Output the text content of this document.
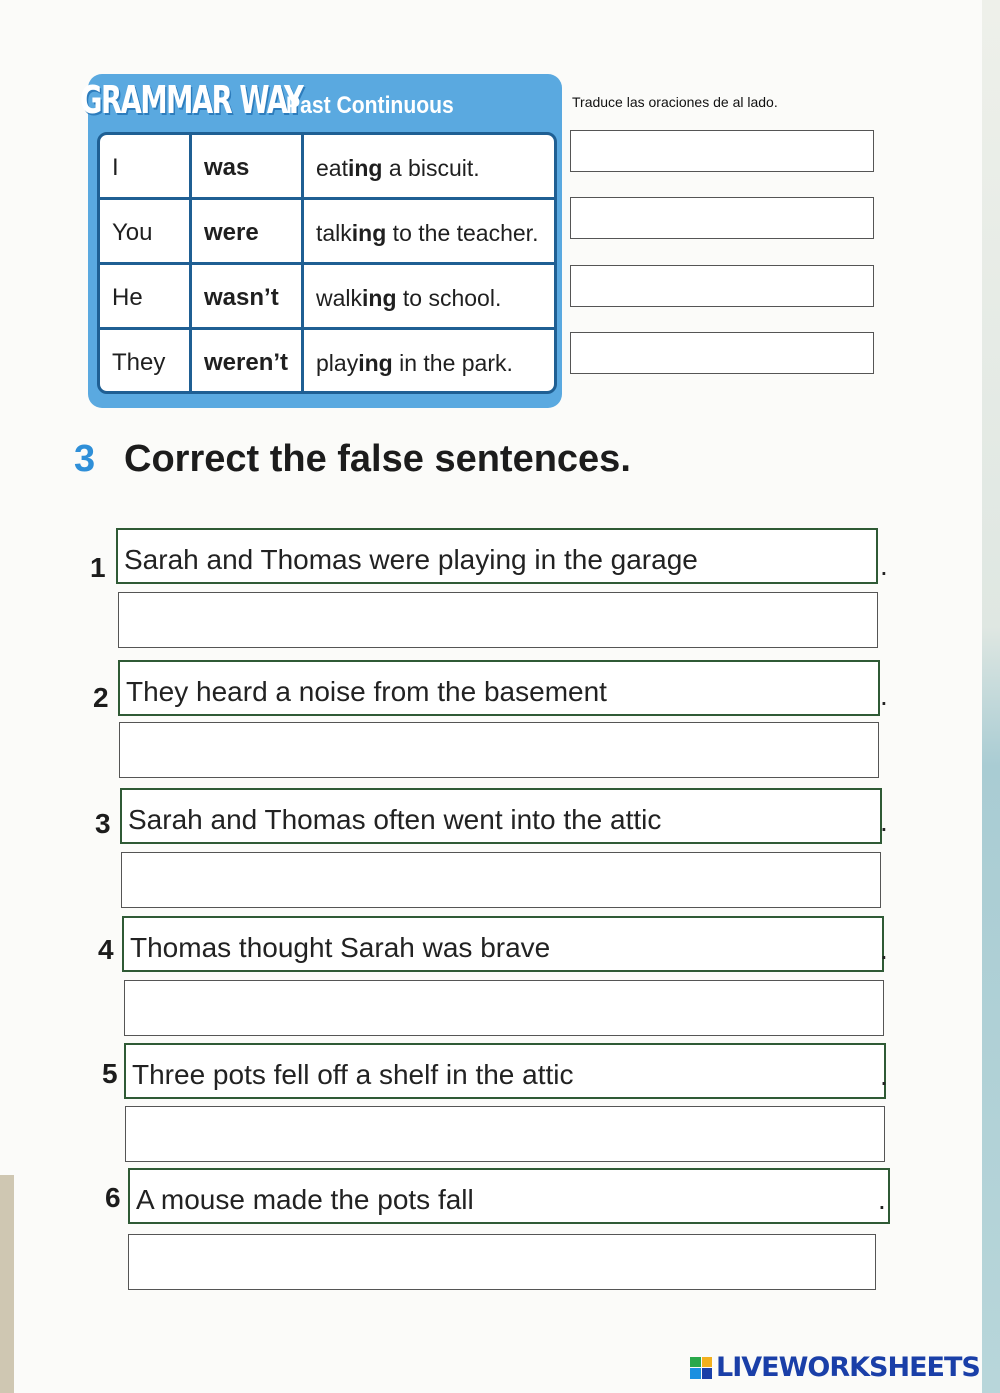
GRAMMAR WAY
Past Continuous
I	was	eating a biscuit.
You	were	talking to the teacher.
He	wasn’t	walking to school.
They	weren’t	playing in the park.
Traduce las oraciones de al lado.
3 Correct the false sentences.
1 Sarah and Thomas were playing in the garage	.
2 They heard a noise from the basement	.
3 Sarah and Thomas often went into the attic	.
4 Thomas thought Sarah was brave	.
5 Three pots fell off a shelf in the attic	.
6 A mouse made the pots fall	.
LIVEWORKSHEETS
